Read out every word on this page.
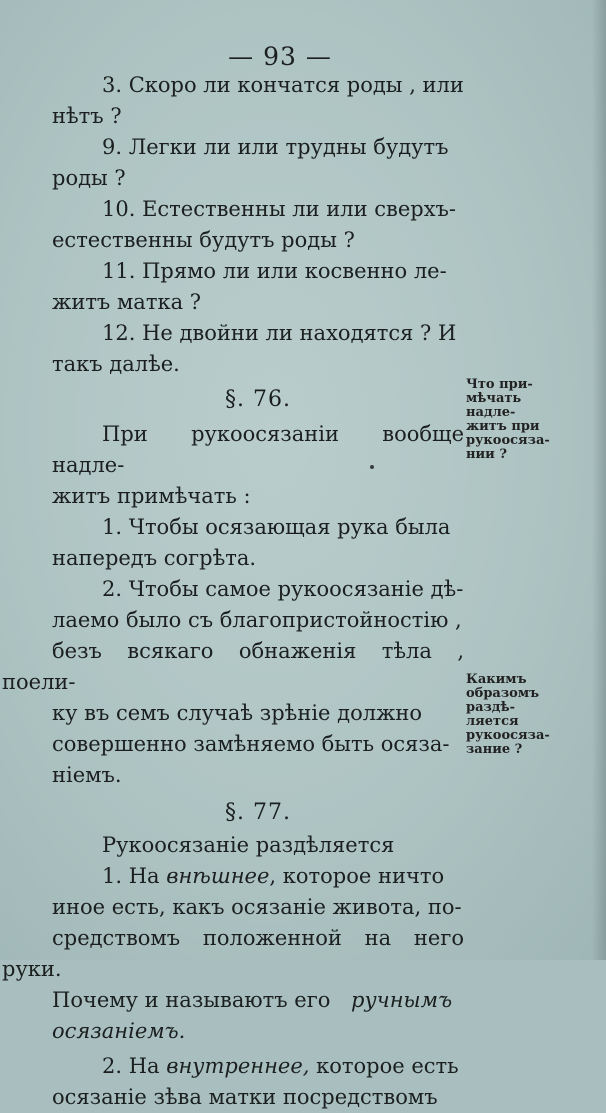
— 93 —

3. Скоро ли кончатся роды , или
нѣтъ ?

9. Легки ли или трудны будутъ
роды ?

10. Естественны ли или сверхъ-
естественны будутъ роды ?

11. Прямо ли или косвенно ле-
житъ матка ?

12. Не двойни ли находятся ? И
такъ далѣе.

§. 76.

При рукоосязаніи вообще надле-
житъ примѣчать :

1. Чтобы осязающая рука была
напередъ согрѣта.

2. Чтобы самое рукоосязаніе дѣ-
лаемо было съ благопристойностію ,
безъ всякаго обнаженія тѣла , поели-
ку въ семъ случаѣ зрѣніе должно
совершенно замѣняемо быть осяза-
ніемъ.

§. 77.

Рукоосязаніе раздѣляется

1. На внѣшнее, которое ничто
иное есть, какъ осязаніе живота, по-
средствомъ положенной на него руки.
Почему и называютъ его ручнымъ
осязаніемъ.

2. На внутреннее, которое есть
осязаніе зѣва матки посредствомъ

Что при-
мѣчать
надле-
житъ при
рукоосяза-
нии ?
Какимъ
образомъ
раздѣ-
ляется
рукоосяза-
зание ?
